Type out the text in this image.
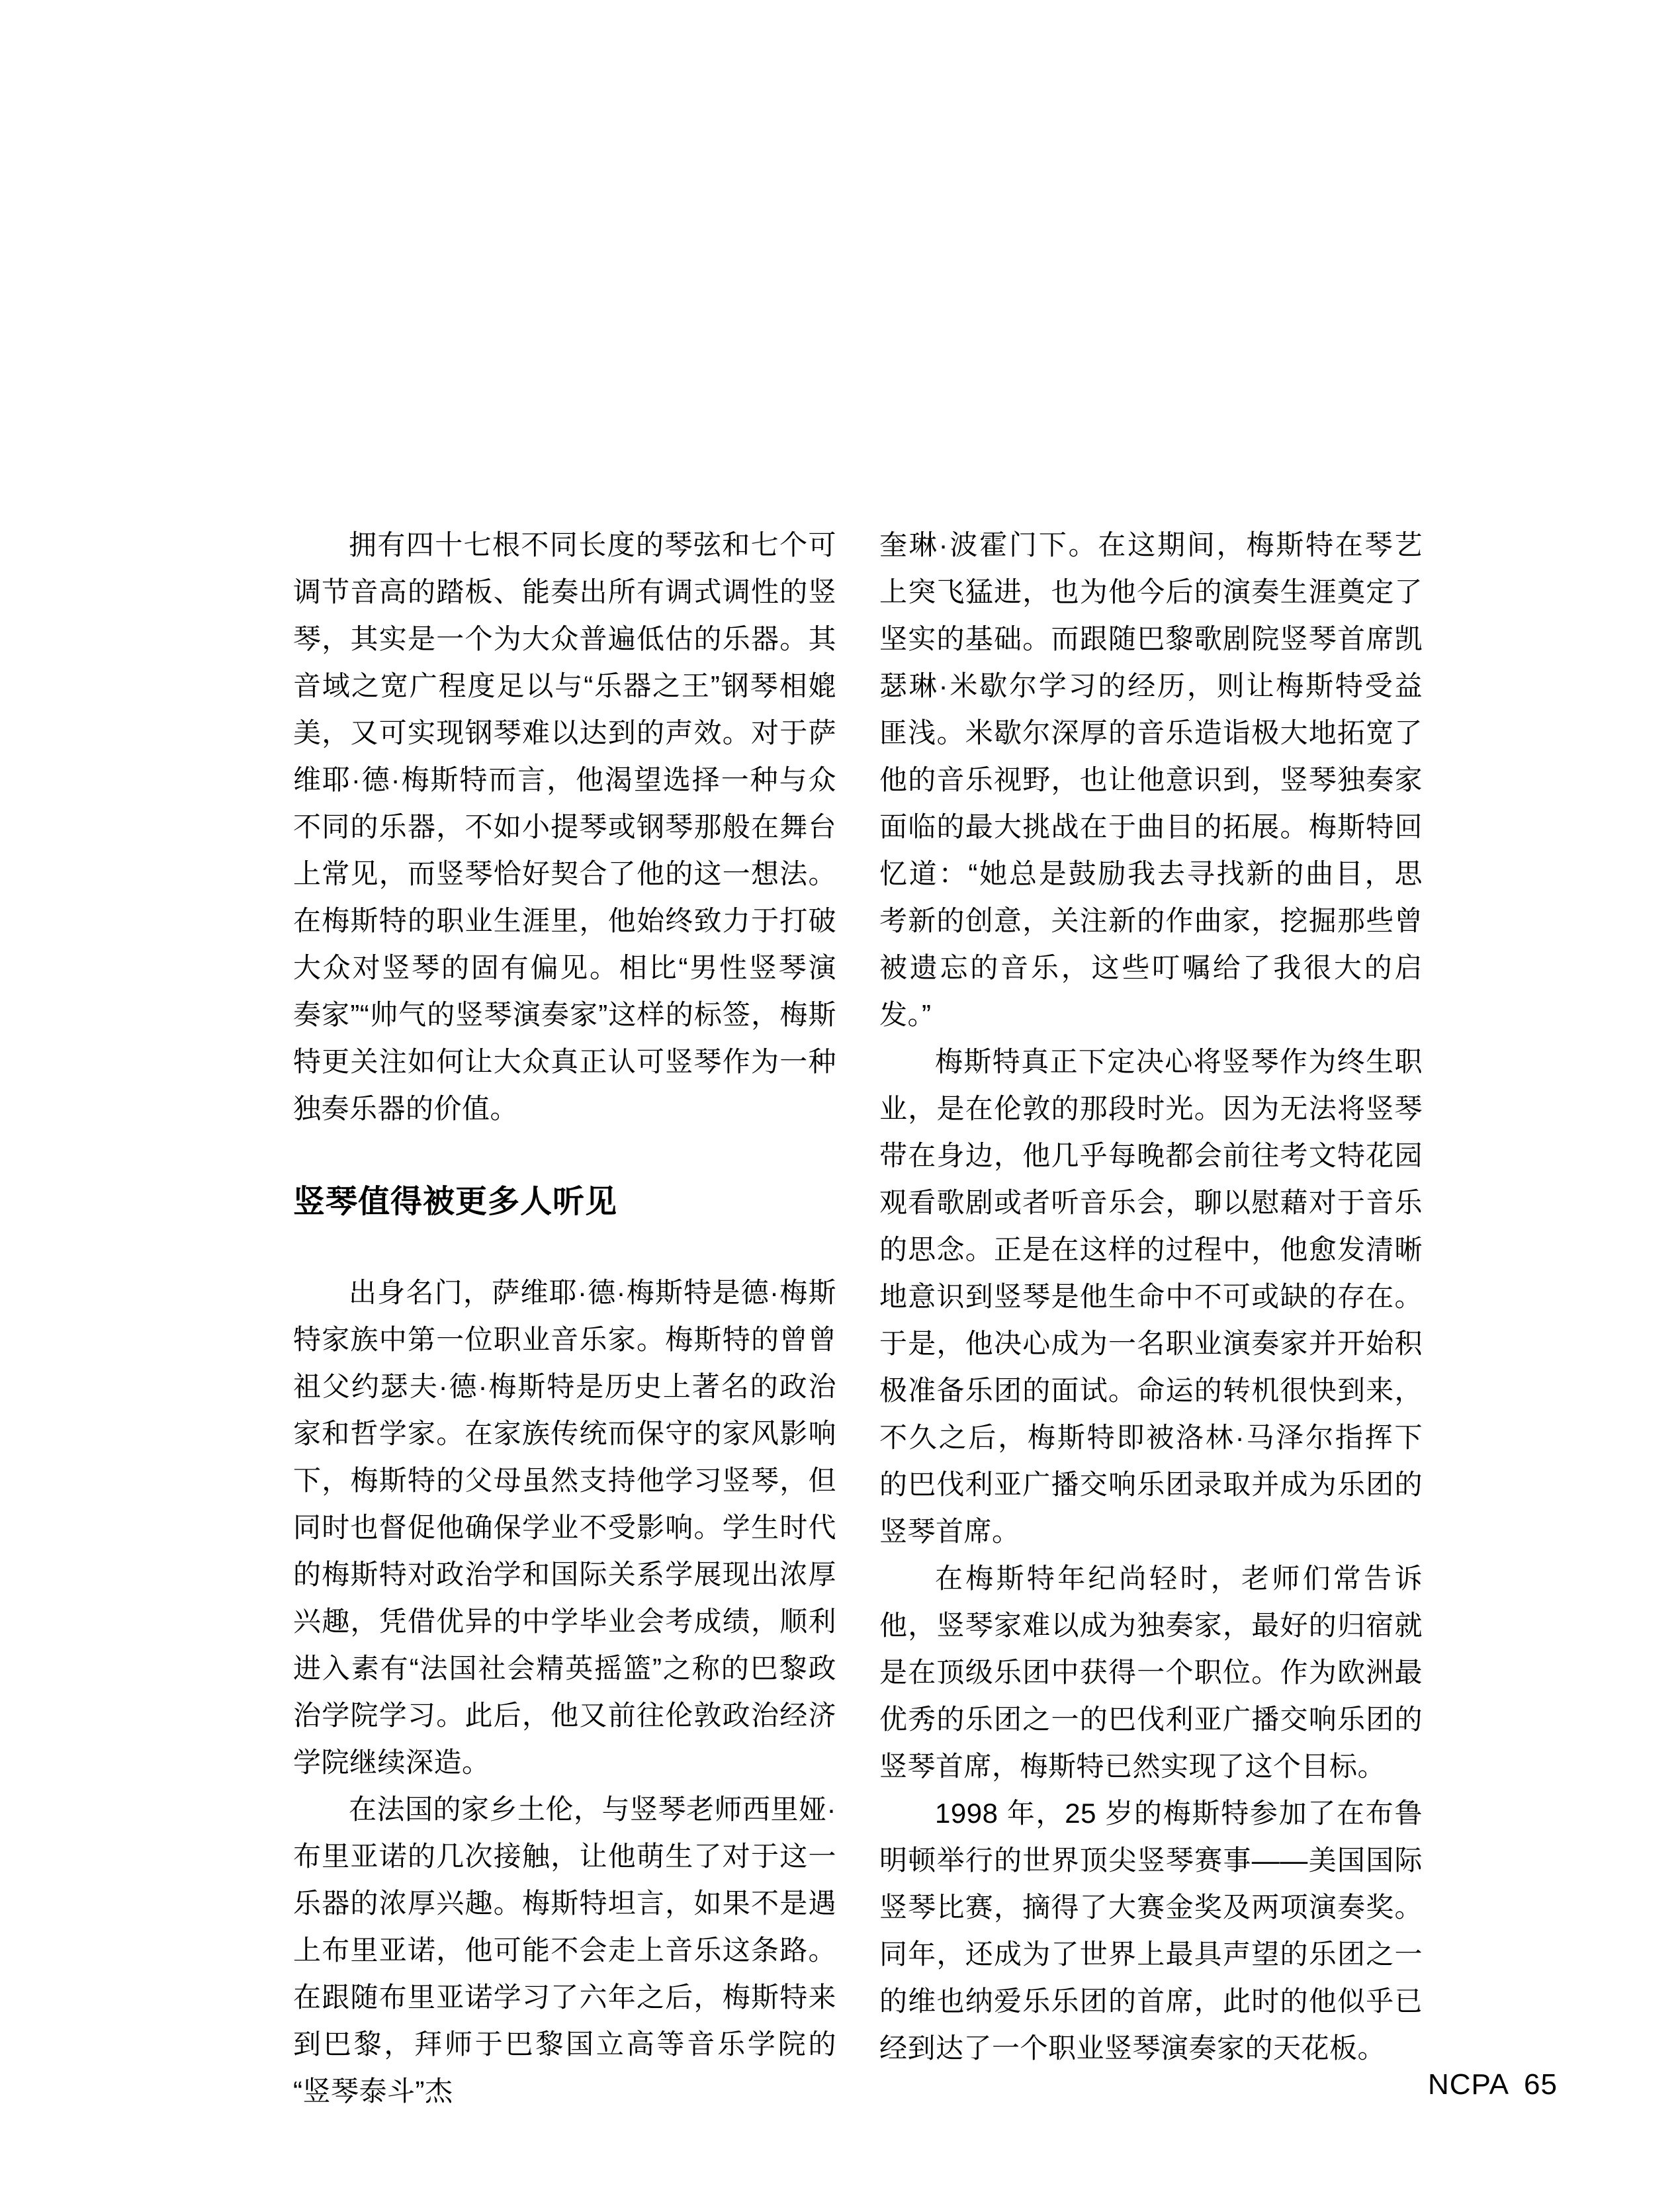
拥有四十七根不同长度的琴弦和七个可调节音高的踏板、能奏出所有调式调性的竖琴，其实是一个为大众普遍低估的乐器。其音域之宽广程度足以与“乐器之王”钢琴相媲美，又可实现钢琴难以达到的声效。对于萨维耶·德·梅斯特而言，他渴望选择一种与众不同的乐器，不如小提琴或钢琴那般在舞台上常见，而竖琴恰好契合了他的这一想法。在梅斯特的职业生涯里，他始终致力于打破大众对竖琴的固有偏见。相比“男性竖琴演奏家”“帅气的竖琴演奏家”这样的标签，梅斯特更关注如何让大众真正认可竖琴作为一种独奏乐器的价值。

竖琴值得被更多人听见

出身名门，萨维耶·德·梅斯特是德·梅斯特家族中第一位职业音乐家。梅斯特的曾曾祖父约瑟夫·德·梅斯特是历史上著名的政治家和哲学家。在家族传统而保守的家风影响下，梅斯特的父母虽然支持他学习竖琴，但同时也督促他确保学业不受影响。学生时代的梅斯特对政治学和国际关系学展现出浓厚兴趣，凭借优异的中学毕业会考成绩，顺利进入素有“法国社会精英摇篮”之称的巴黎政治学院学习。此后，他又前往伦敦政治经济学院继续深造。

在法国的家乡土伦，与竖琴老师西里娅·布里亚诺的几次接触，让他萌生了对于这一乐器的浓厚兴趣。梅斯特坦言，如果不是遇上布里亚诺，他可能不会走上音乐这条路。在跟随布里亚诺学习了六年之后，梅斯特来到巴黎，拜师于巴黎国立高等音乐学院的“竖琴泰斗”杰

奎琳·波霍门下。在这期间，梅斯特在琴艺上突飞猛进，也为他今后的演奏生涯奠定了坚实的基础。而跟随巴黎歌剧院竖琴首席凯瑟琳·米歇尔学习的经历，则让梅斯特受益匪浅。米歇尔深厚的音乐造诣极大地拓宽了他的音乐视野，也让他意识到，竖琴独奏家面临的最大挑战在于曲目的拓展。梅斯特回忆道：“她总是鼓励我去寻找新的曲目，思考新的创意，关注新的作曲家，挖掘那些曾被遗忘的音乐，这些叮嘱给了我很大的启发。”

梅斯特真正下定决心将竖琴作为终生职业，是在伦敦的那段时光。因为无法将竖琴带在身边，他几乎每晚都会前往考文特花园观看歌剧或者听音乐会，聊以慰藉对于音乐的思念。正是在这样的过程中，他愈发清晰地意识到竖琴是他生命中不可或缺的存在。于是，他决心成为一名职业演奏家并开始积极准备乐团的面试。命运的转机很快到来，不久之后，梅斯特即被洛林·马泽尔指挥下的巴伐利亚广播交响乐团录取并成为乐团的竖琴首席。

在梅斯特年纪尚轻时，老师们常告诉他，竖琴家难以成为独奏家，最好的归宿就是在顶级乐团中获得一个职位。作为欧洲最优秀的乐团之一的巴伐利亚广播交响乐团的竖琴首席，梅斯特已然实现了这个目标。

1998 年，25 岁的梅斯特参加了在布鲁明顿举行的世界顶尖竖琴赛事——美国国际竖琴比赛，摘得了大赛金奖及两项演奏奖。同年，还成为了世界上最具声望的乐团之一的维也纳爱乐乐团的首席，此时的他似乎已经到达了一个职业竖琴演奏家的天花板。

NCPA 65
